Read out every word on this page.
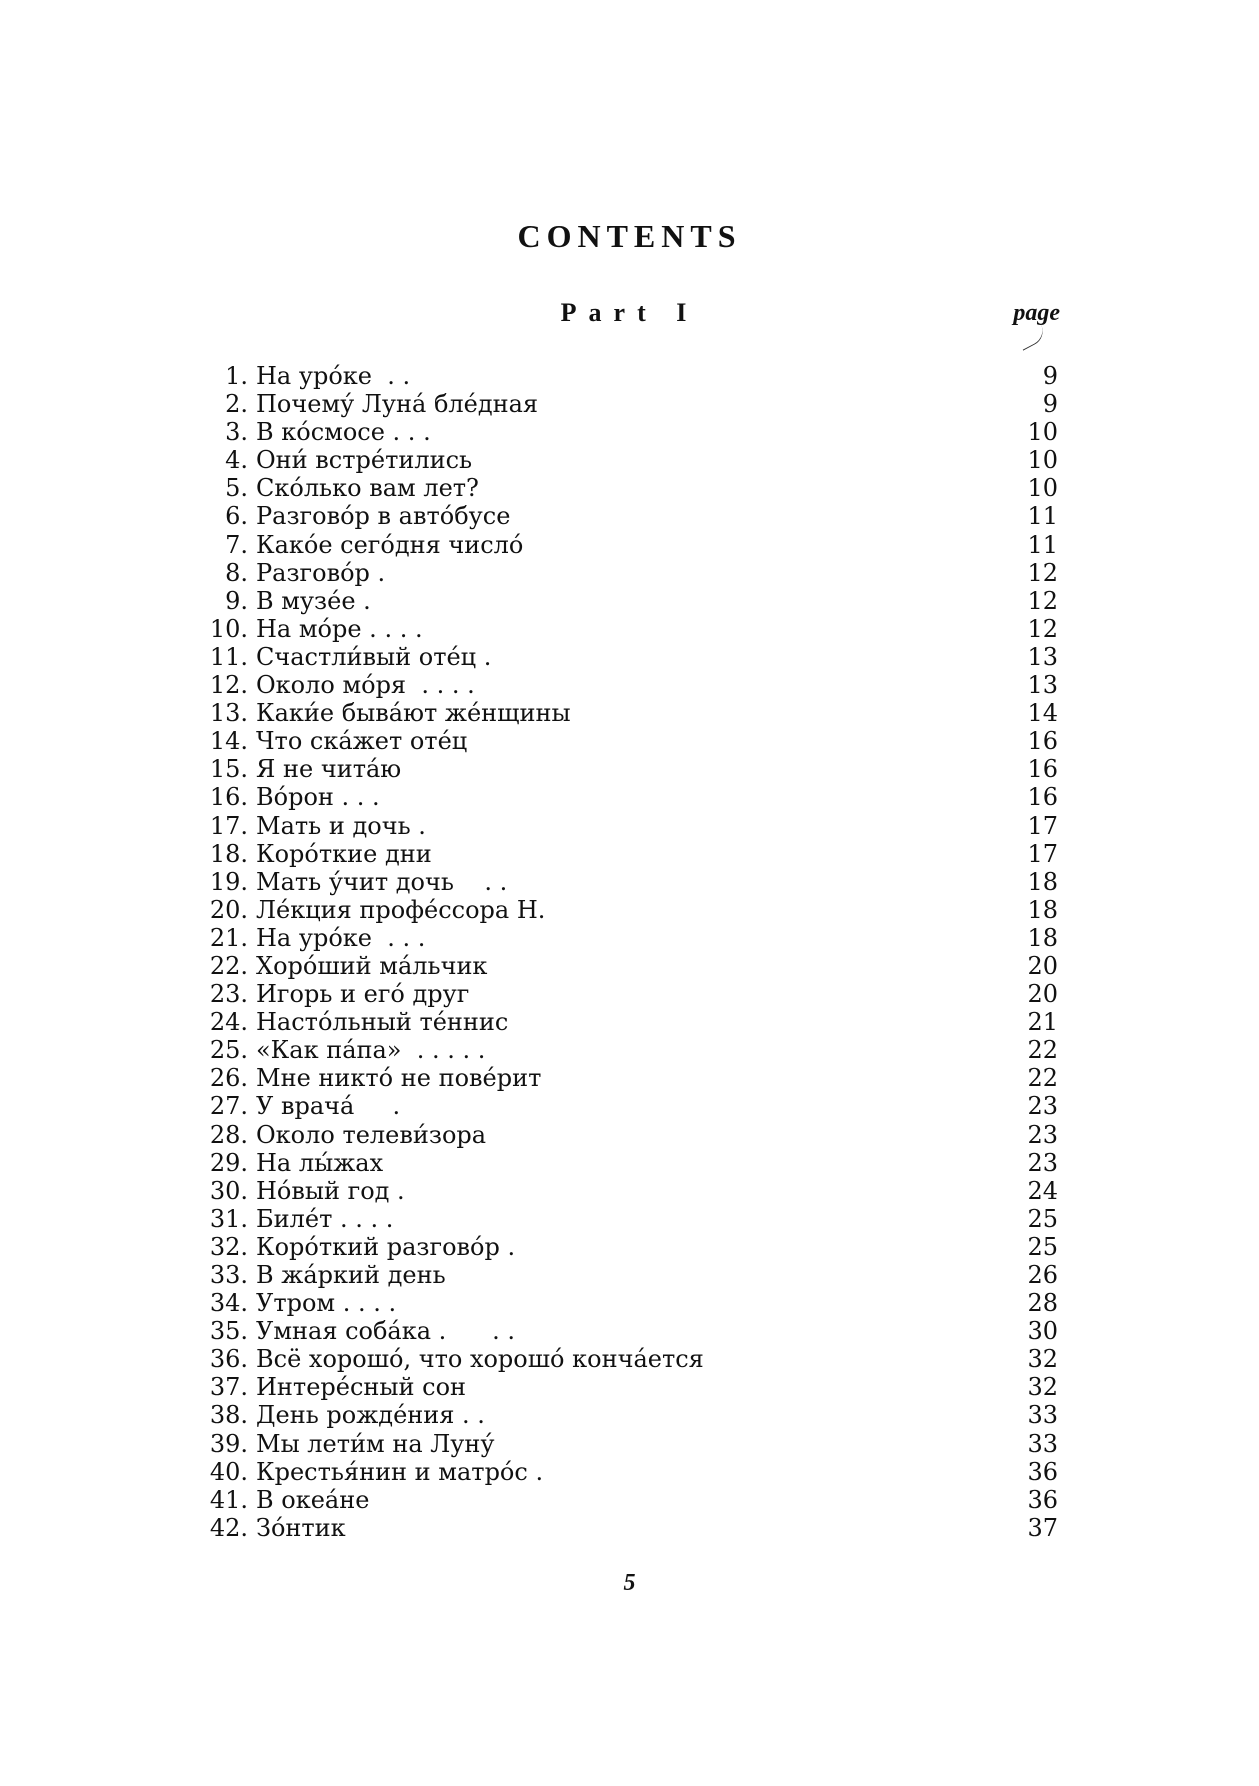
CONTENTS
Part I	page
1. На уро́ке  . .	9
2. Почему́ Луна́ бле́дная	9
3. В ко́смосе . . .	10
4. Они́ встре́тились	10
5. Ско́лько вам лет?	10
6. Разгово́р в авто́бусе	11
7. Како́е сего́дня число́	11
8. Разгово́р .	12
9. В музе́е .	12
10. На мо́ре . . . .	12
11. Счастли́вый оте́ц .	13
12. Около мо́ря  . . . .	13
13. Каки́е быва́ют же́нщины	14
14. Что ска́жет оте́ц	16
15. Я не чита́ю	16
16. Во́рон . . .	16
17. Мать и дочь .	17
18. Коро́ткие дни	17
19. Мать у́чит дочь    . .	18
20. Ле́кция профе́ссора Н.	18
21. На уро́ке  . . .	18
22. Хоро́ший ма́льчик	20
23. Игорь и его́ друг	20
24. Насто́льный те́ннис	21
25. «Как па́па»  . . . . .	22
26. Мне никто́ не пове́рит	22
27. У врача́     .	23
28. Около телеви́зора	23
29. На лы́жах	23
30. Но́вый год .	24
31. Биле́т . . . .	25
32. Коро́ткий разгово́р .	25
33. В жа́ркий день	26
34. Утром . . . .	28
35. Умная соба́ка .      . .	30
36. Всё хорошо́, что хорошо́ конча́ется	32
37. Интере́сный сон	32
38. День рожде́ния . .	33
39. Мы лети́м на Луну́	33
40. Крестья́нин и матро́с .	36
41. В океа́не	36
42. Зо́нтик	37
5
